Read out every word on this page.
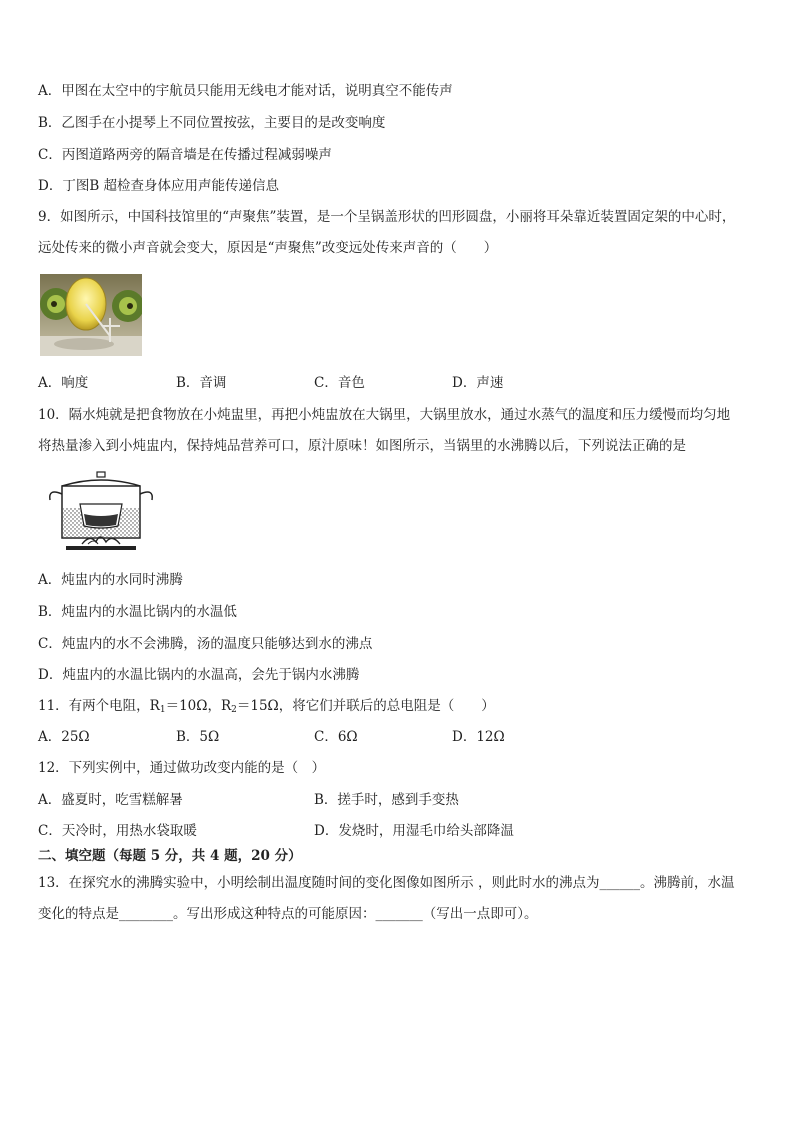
A．甲图在太空中的宇航员只能用无线电才能对话，说明真空不能传声
B．乙图手在小提琴上不同位置按弦，主要目的是改变响度
C．丙图道路两旁的隔音墙是在传播过程减弱噪声
D．丁图B 超检查身体应用声能传递信息
9．如图所示，中国科技馆里的“声聚焦”装置，是一个呈锅盖形状的凹形圆盘，小丽将耳朵靠近装置固定架的中心时，
远处传来的微小声音就会变大，原因是“声聚焦”改变远处传来声音的（　　）
A．响度	B．音调	C．音色	D．声速
10．隔水炖就是把食物放在小炖盅里，再把小炖盅放在大锅里，大锅里放水，通过水蒸气的温度和压力缓慢而均匀地
将热量渗入到小炖盅内，保持炖品营养可口，原汁原味！如图所示，当锅里的水沸腾以后，下列说法正确的是
A．炖盅内的水同时沸腾
B．炖盅内的水温比锅内的水温低
C．炖盅内的水不会沸腾，汤的温度只能够达到水的沸点
D．炖盅内的水温比锅内的水温高，会先于锅内水沸腾
11．有两个电阻，$R_1=10\Omega$，$R_2=15\Omega$，将它们并联后的总电阻是（　　）
A．25Ω	B．5Ω	C．6Ω	D．12Ω
12．下列实例中，通过做功改变内能的是（　）
A．盛夏时，吃雪糕解暑	B．搓手时，感到手变热
C．天冷时，用热水袋取暖	D．发烧时，用湿毛巾给头部降温
二、填空题（每题 5 分，共 4 题，20 分）
13．在探究水的沸腾实验中，小明绘制出温度随时间的变化图像如图所示 ，则此时水的沸点为______。沸腾前，水温
变化的特点是________。写出形成这种特点的可能原因：_______（写出一点即可）。
